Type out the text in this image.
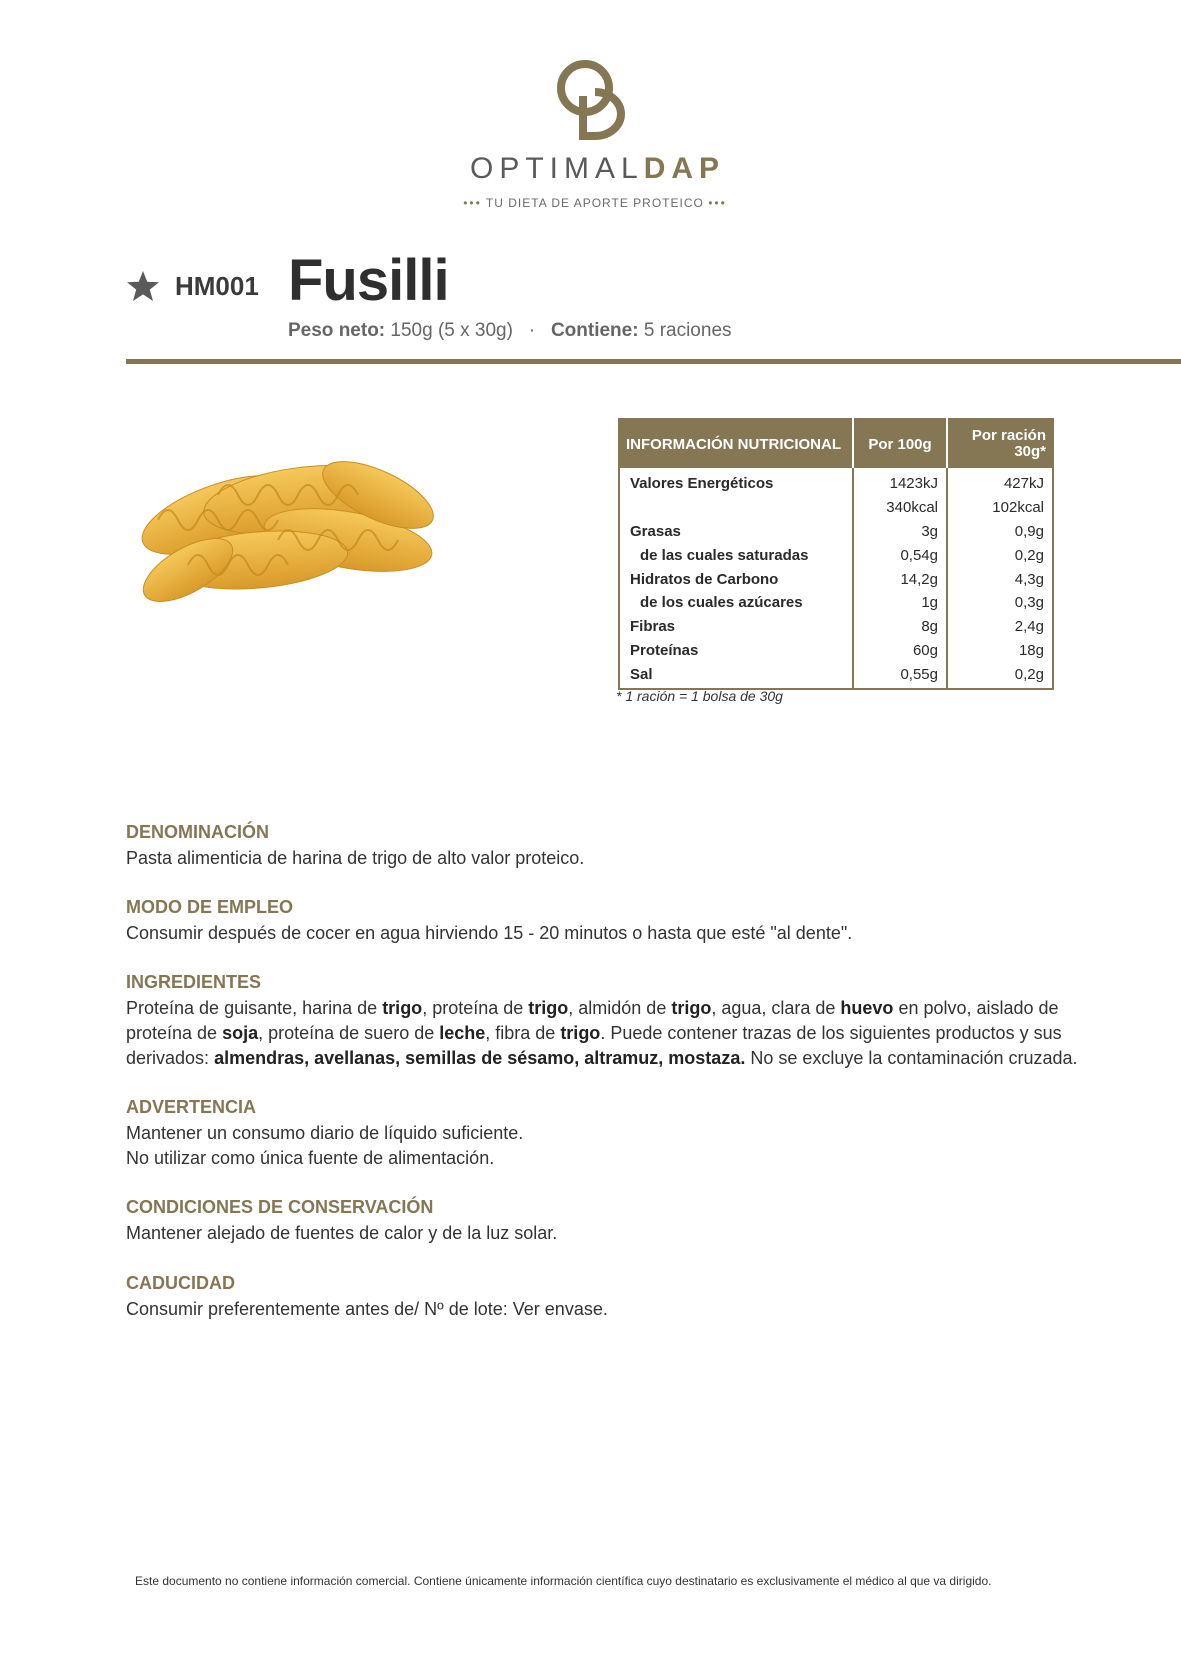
OPTIMALDAP
••• TU DIETA DE APORTE PROTEICO •••
HM001 Fusilli
Peso neto: 150g (5 x 30g) · Contiene: 5 raciones
INFORMACIÓN NUTRICIONAL	Por 100g	Por ración
30g*
Valores Energéticos	1423kJ	427kJ
	340kcal	102kcal
Grasas	3g	0,9g
de las cuales saturadas	0,54g	0,2g
Hidratos de Carbono	14,2g	4,3g
de los cuales azúcares	1g	0,3g
Fibras	8g	2,4g
Proteínas	60g	18g
Sal	0,55g	0,2g
* 1 ración = 1 bolsa de 30g
DENOMINACIÓN

Pasta alimenticia de harina de trigo de alto valor proteico.

MODO DE EMPLEO

Consumir después de cocer en agua hirviendo 15 - 20 minutos o hasta que esté "al dente".

INGREDIENTES

Proteína de guisante, harina de trigo, proteína de trigo, almidón de trigo, agua, clara de huevo en polvo, aislado de proteína de soja, proteína de suero de leche, fibra de trigo. Puede contener trazas de los siguientes productos y sus derivados: almendras, avellanas, semillas de sésamo, altramuz, mostaza. No se excluye la contaminación cruzada.

ADVERTENCIA

Mantener un consumo diario de líquido suficiente.
No utilizar como única fuente de alimentación.

CONDICIONES DE CONSERVACIÓN

Mantener alejado de fuentes de calor y de la luz solar.

CADUCIDAD

Consumir preferentemente antes de/ Nº de lote: Ver envase.

Este documento no contiene información comercial. Contiene únicamente información científica cuyo destinatario es exclusivamente el médico al que va dirigido.
